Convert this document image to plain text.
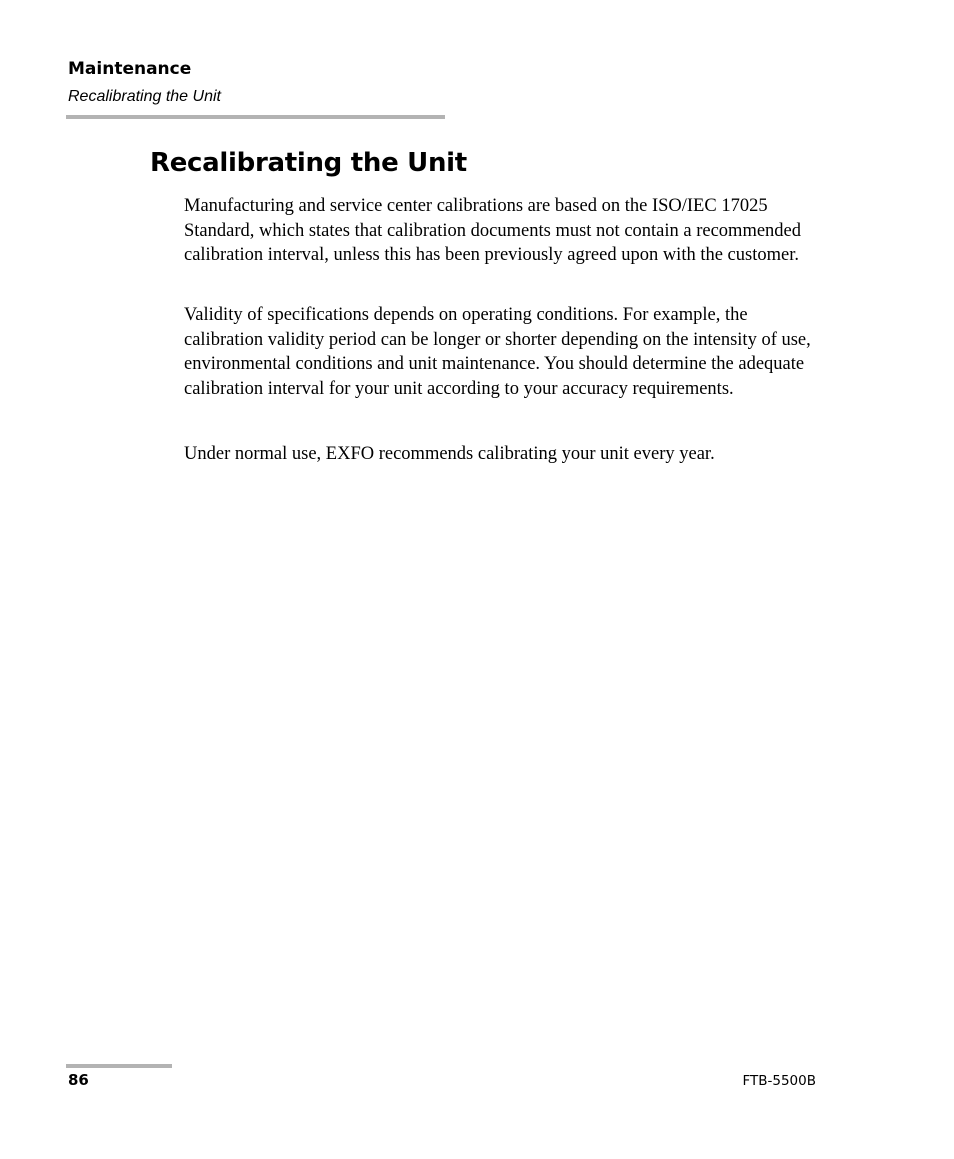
Maintenance
Recalibrating the Unit
Recalibrating the Unit

Manufacturing and service center calibrations are based on the ISO/IEC 17025 Standard, which states that calibration documents must not contain a recommended calibration interval, unless this has been previously agreed upon with the customer.

Validity of specifications depends on operating conditions. For example, the calibration validity period can be longer or shorter depending on the intensity of use, environmental conditions and unit maintenance. You should determine the adequate calibration interval for your unit according to your accuracy requirements.

Under normal use, EXFO recommends calibrating your unit every year.

86	FTB-5500B
